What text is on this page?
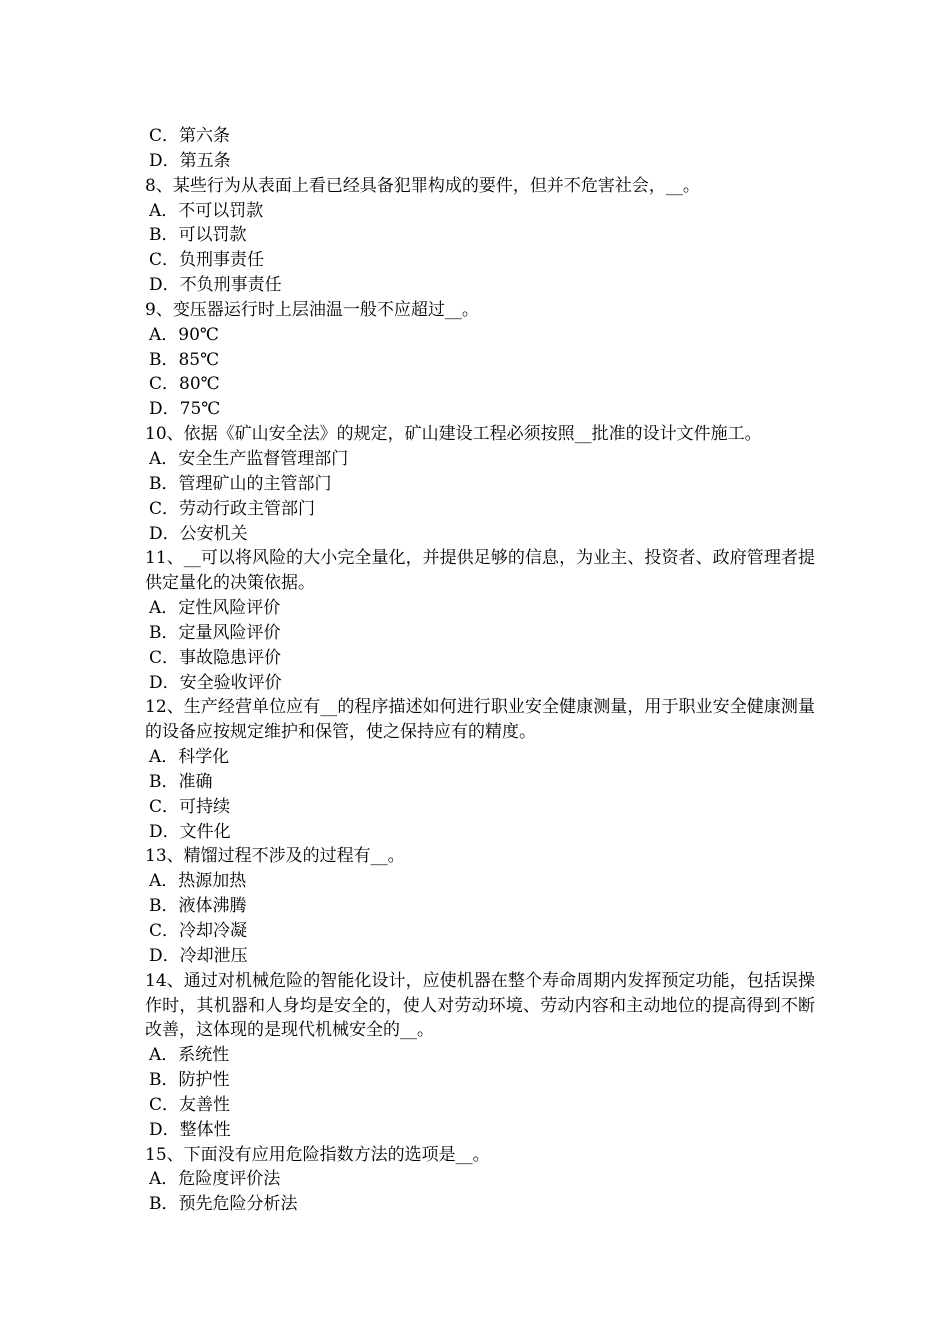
C．第六条

D．第五条

8、某些行为从表面上看已经具备犯罪构成的要件，但并不危害社会，__。

A．不可以罚款

B．可以罚款

C．负刑事责任

D．不负刑事责任

9、变压器运行时上层油温一般不应超过__。

A．90℃

B．85℃

C．80℃

D．75℃

10、依据《矿山安全法》的规定，矿山建设工程必须按照__批准的设计文件施工。

A．安全生产监督管理部门

B．管理矿山的主管部门

C．劳动行政主管部门

D．公安机关

11、__可以将风险的大小完全量化，并提供足够的信息，为业主、投资者、政府管理者提供定量化的决策依据。

A．定性风险评价

B．定量风险评价

C．事故隐患评价

D．安全验收评价

12、生产经营单位应有__的程序描述如何进行职业安全健康测量，用于职业安全健康测量的设备应按规定维护和保管，使之保持应有的精度。

A．科学化

B．准确

C．可持续

D．文件化

13、精馏过程不涉及的过程有__。

A．热源加热

B．液体沸腾

C．冷却冷凝

D．冷却泄压

14、通过对机械危险的智能化设计，应使机器在整个寿命周期内发挥预定功能，包括误操作时，其机器和人身均是安全的，使人对劳动环境、劳动内容和主动地位的提高得到不断改善，这体现的是现代机械安全的__。

A．系统性

B．防护性

C．友善性

D．整体性

15、下面没有应用危险指数方法的选项是__。

A．危险度评价法

B．预先危险分析法
